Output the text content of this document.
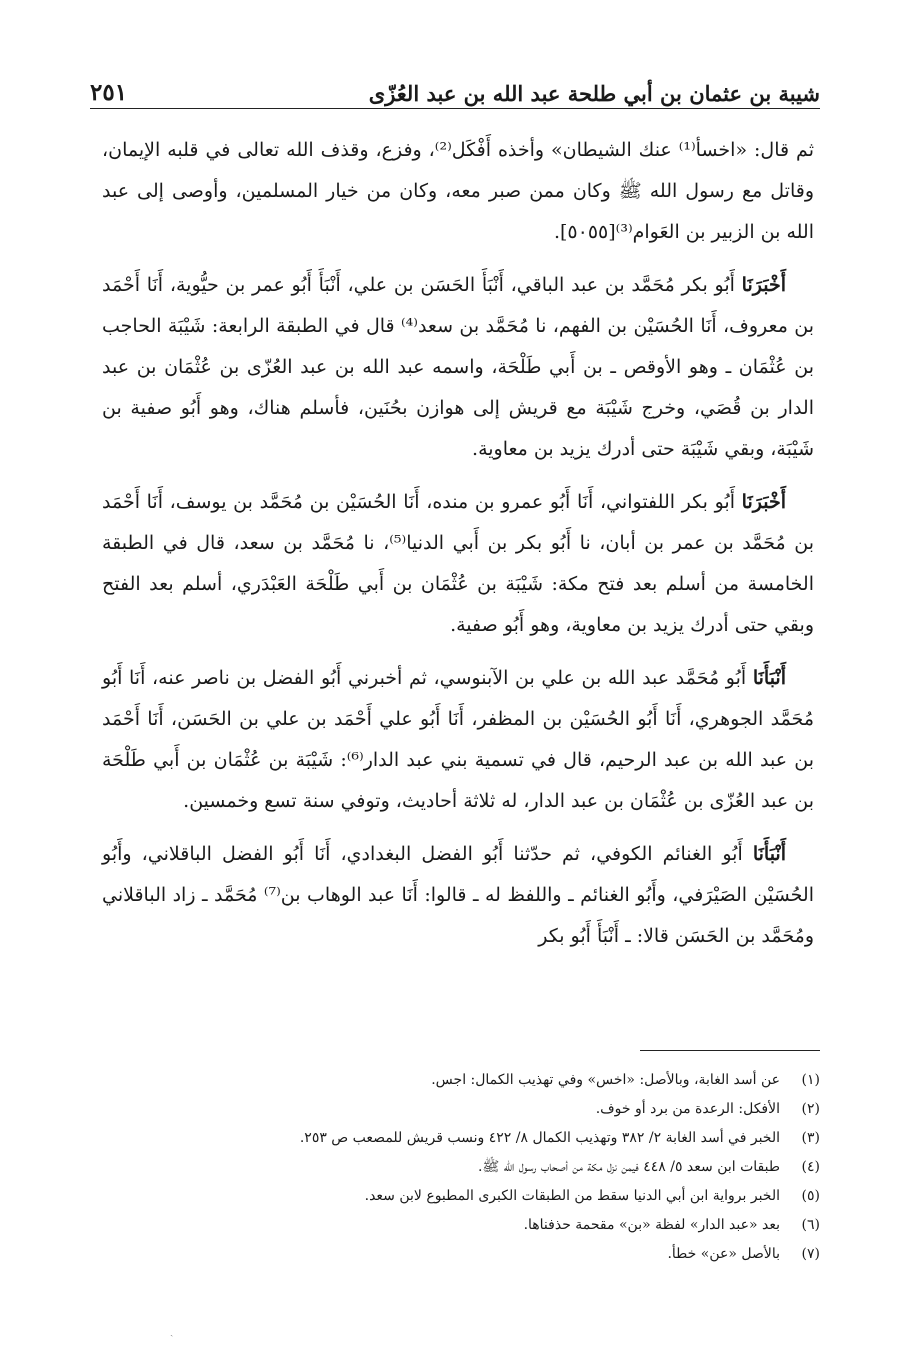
شيبة بن عثمان بن أبي طلحة عبد الله بن عبد العُزّى
٢٥١

ثم قال: «اخسأ⁽¹⁾ عنك الشيطان» وأخذه أَفْكَل⁽²⁾، وفزع، وقذف الله تعالى في قلبه الإيمان، وقاتل مع رسول الله ﷺ وكان ممن صبر معه، وكان من خيار المسلمين، وأوصى إلى عبد الله بن الزبير بن العَوام⁽³⁾[٥٠٥٥].

أَخْبَرَنَا أَبُو بكر مُحَمَّد بن عبد الباقي، أَنْبَأَ الحَسَن بن علي، أَنْبَأَ أَبُو عمر بن حيُّوية، أَنَا أَحْمَد بن معروف، أَنَا الحُسَيْن بن الفهم، نا مُحَمَّد بن سعد⁽⁴⁾ قال في الطبقة الرابعة: شَيْبَة الحاجب بن عُثْمَان ـ وهو الأوقص ـ بن أَبي طَلْحَة، واسمه عبد الله بن عبد العُزّى بن عُثْمَان بن عبد الدار بن قُصَي، وخرج شَيْبَة مع قريش إلى هوازن بحُنَين، فأسلم هناك، وهو أَبُو صفية بن شَيْبَة، وبقي شَيْبَة حتى أدرك يزيد بن معاوية.

أَخْبَرَنَا أَبُو بكر اللفتواني، أَنَا أَبُو عمرو بن منده، أَنَا الحُسَيْن بن مُحَمَّد بن يوسف، أَنَا أَحْمَد بن مُحَمَّد بن عمر بن أبان، نا أَبُو بكر بن أَبي الدنيا⁽⁵⁾، نا مُحَمَّد بن سعد، قال في الطبقة الخامسة من أسلم بعد فتح مكة: شَيْبَة بن عُثْمَان بن أَبي طَلْحَة العَبْدَري، أسلم بعد الفتح وبقي حتى أدرك يزيد بن معاوية، وهو أَبُو صفية.

أَنْبَأَنَا أَبُو مُحَمَّد عبد الله بن علي بن الآبنوسي، ثم أخبرني أَبُو الفضل بن ناصر عنه، أَنَا أَبُو مُحَمَّد الجوهري، أَنَا أَبُو الحُسَيْن بن المظفر، أَنَا أَبُو علي أَحْمَد بن علي بن الحَسَن، أَنَا أَحْمَد بن عبد الله بن عبد الرحيم، قال في تسمية بني عبد الدار⁽⁶⁾: شَيْبَة بن عُثْمَان بن أَبي طَلْحَة بن عبد العُزّى بن عُثْمَان بن عبد الدار، له ثلاثة أحاديث، وتوفي سنة تسع وخمسين.

أَنْبَأَنَا أَبُو الغنائم الكوفي، ثم حدّثنا أَبُو الفضل البغدادي، أَنَا أَبُو الفضل الباقلاني، وأَبُو الحُسَيْن الصَيْرَفي، وأَبُو الغنائم ـ واللفظ له ـ قالوا: أَنَا عبد الوهاب بن⁽⁷⁾ مُحَمَّد ـ زاد الباقلاني ومُحَمَّد بن الحَسَن قالا: ـ أَنْبَأَ أَبُو بكر

(١)
عن أسد الغابة، وبالأصل: «اخس» وفي تهذيب الكمال: اجس.
(٢)
الأفكل: الرعدة من برد أو خوف.
(٣)
الخبر في أسد الغابة ٢/ ٣٨٢ وتهذيب الكمال ٨/ ٤٢٢ ونسب قريش للمصعب ص ٢٥٣.
(٤)
طبقات ابن سعد ٥/ ٤٤٨ فيمن نزل مكة من أصحاب رسول الله ﷺ.
(٥)
الخبر برواية ابن أبي الدنيا سقط من الطبقات الكبرى المطبوع لابن سعد.
(٦)
بعد «عبد الدار» لفظة «بن» مقحمة حذفناها.
(٧)
بالأصل «عن» خطأ.
ˏ
